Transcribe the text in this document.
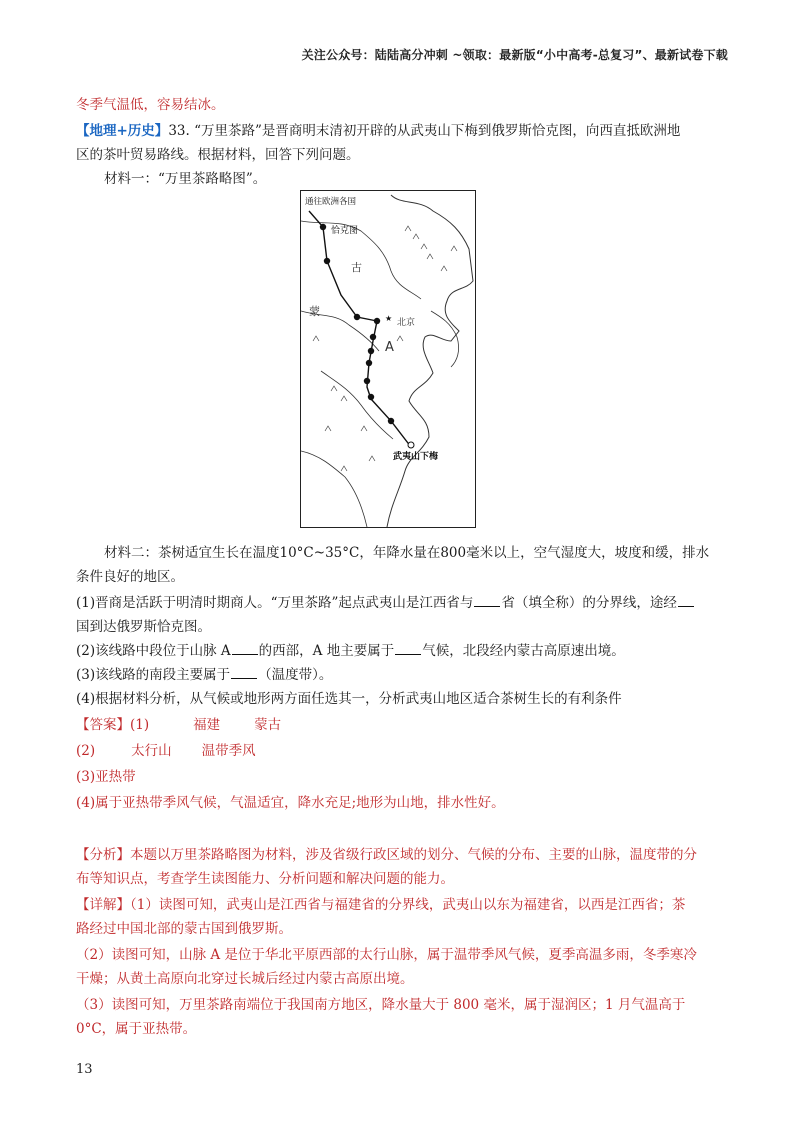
关注公众号：陆陆高分冲刺 ~领取：最新版“小中高考-总复习”、最新试卷下载
冬季气温低，容易结冰。
【地理+历史】33. “万里茶路”是晋商明末清初开辟的从武夷山下梅到俄罗斯恰克图，向西直抵欧洲地
区的茶叶贸易路线。根据材料，回答下列问题。
材料一：“万里茶路略图”。
★
通往欧洲各国
恰克图
古
蒙
北京
A
武夷山下梅
材料二：茶树适宜生长在温度10°C~35°C，年降水量在800毫米以上，空气湿度大，坡度和缓，排水
条件良好的地区。
(1)晋商是活跃于明清时期商人。“万里茶路”起点武夷山是江西省与 省（填全称）的分界线，途经
国到达俄罗斯恰克图。
(2)该线路中段位于山脉 A 的西部，A 地主要属于 气候，北段经内蒙古高原速出境。
(3)该线路的南段主要属于 （温度带）。
(4)根据材料分析，从气候或地形两方面任选其一，分析武夷山地区适合茶树生长的有利条件
【答案】(1)	福建	蒙古
(2)	太行山 温带季风
(3)亚热带
(4)属于亚热带季风气候，气温适宜，降水充足;地形为山地，排水性好。
【分析】本题以万里茶路略图为材料，涉及省级行政区域的划分、气候的分布、主要的山脉，温度带的分
布等知识点，考查学生读图能力、分析问题和解决问题的能力。
【详解】（1）读图可知，武夷山是江西省与福建省的分界线，武夷山以东为福建省，以西是江西省；茶
路经过中国北部的蒙古国到俄罗斯。
（2）读图可知，山脉 A 是位于华北平原西部的太行山脉，属于温带季风气候，夏季高温多雨，冬季寒冷
干燥；从黄土高原向北穿过长城后经过内蒙古高原出境。
（3）读图可知，万里茶路南端位于我国南方地区，降水量大于 800 毫米，属于湿润区；1 月气温高于
0°C，属于亚热带。
13
